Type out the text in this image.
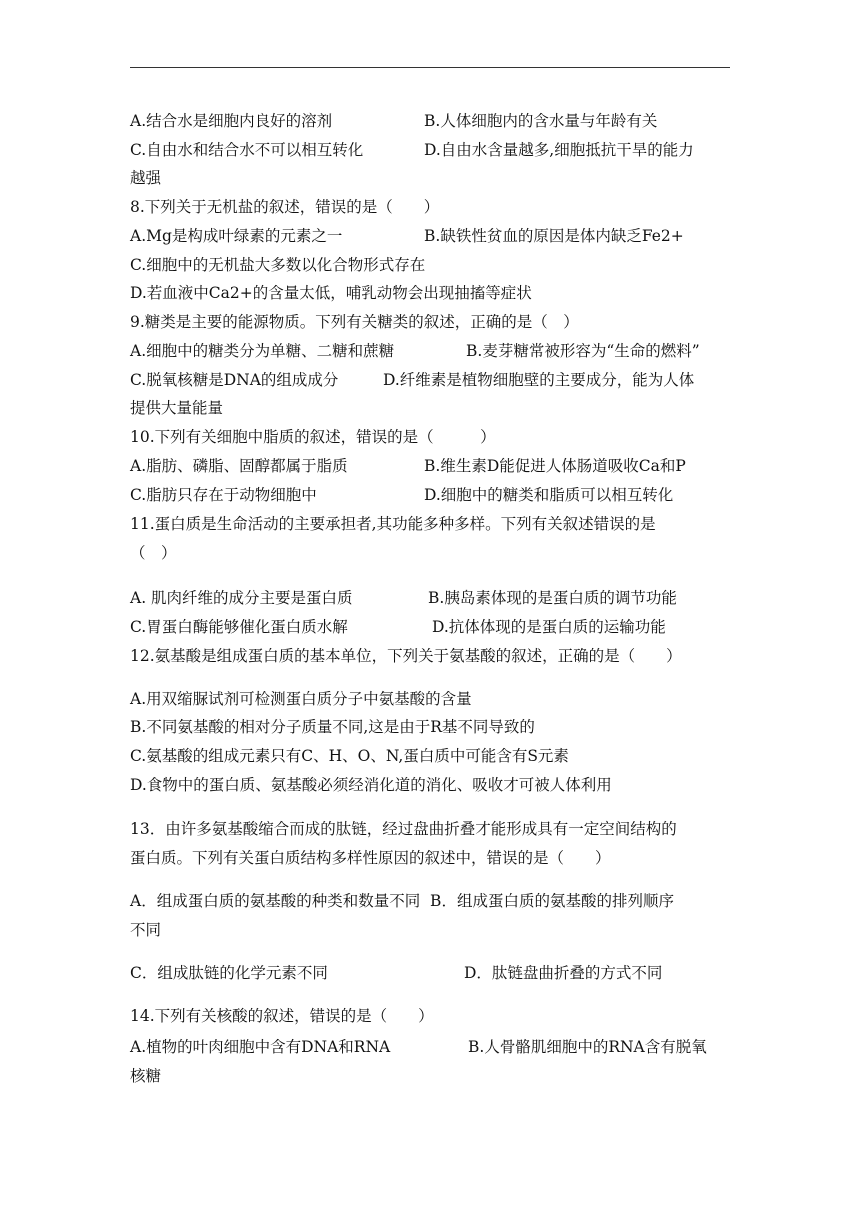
A.结合水是细胞内良好的溶剂	B.人体细胞内的含水量与年龄有关
C.自由水和结合水不可以相互转化	D.自由水含量越多,细胞抵抗干旱的能力
越强
8.下列关于无机盐的叙述，错误的是（　　）
A.Mg是构成叶绿素的元素之一	B.缺铁性贫血的原因是体内缺乏Fe2+
C.细胞中的无机盐大多数以化合物形式存在
D.若血液中Ca2+的含量太低，哺乳动物会出现抽搐等症状
9.糖类是主要的能源物质。下列有关糖类的叙述，正确的是（　）
A.细胞中的糖类分为单糖、二糖和蔗糖	B.麦芽糖常被形容为“生命的燃料”
C.脱氧核糖是DNA的组成成分	D.纤维素是植物细胞壁的主要成分，能为人体
提供大量能量
10.下列有关细胞中脂质的叙述，错误的是（　　　）
A.脂肪、磷脂、固醇都属于脂质	B.维生素D能促进人体肠道吸收Ca和P
C.脂肪只存在于动物细胞中	D.细胞中的糖类和脂质可以相互转化
11.蛋白质是生命活动的主要承担者,其功能多种多样。下列有关叙述错误的是
（　）
A. 肌肉纤维的成分主要是蛋白质	B.胰岛素体现的是蛋白质的调节功能
C.胃蛋白酶能够催化蛋白质水解	D.抗体体现的是蛋白质的运输功能
12.氨基酸是组成蛋白质的基本单位，下列关于氨基酸的叙述，正确的是（　　）
A.用双缩脲试剂可检测蛋白质分子中氨基酸的含量
B.不同氨基酸的相对分子质量不同,这是由于R基不同导致的
C.氨基酸的组成元素只有C、H、O、N,蛋白质中可能含有S元素
D.食物中的蛋白质、氨基酸必须经消化道的消化、吸收才可被人体利用
13．由许多氨基酸缩合而成的肽链，经过盘曲折叠才能形成具有一定空间结构的
蛋白质。下列有关蛋白质结构多样性原因的叙述中，错误的是（　　）
A．组成蛋白质的氨基酸的种类和数量不同  B．组成蛋白质的氨基酸的排列顺序
不同
C．组成肽链的化学元素不同	D．肽链盘曲折叠的方式不同
14.下列有关核酸的叙述，错误的是（　　）
A.植物的叶肉细胞中含有DNA和RNA	B.人骨骼肌细胞中的RNA含有脱氧
核糖
